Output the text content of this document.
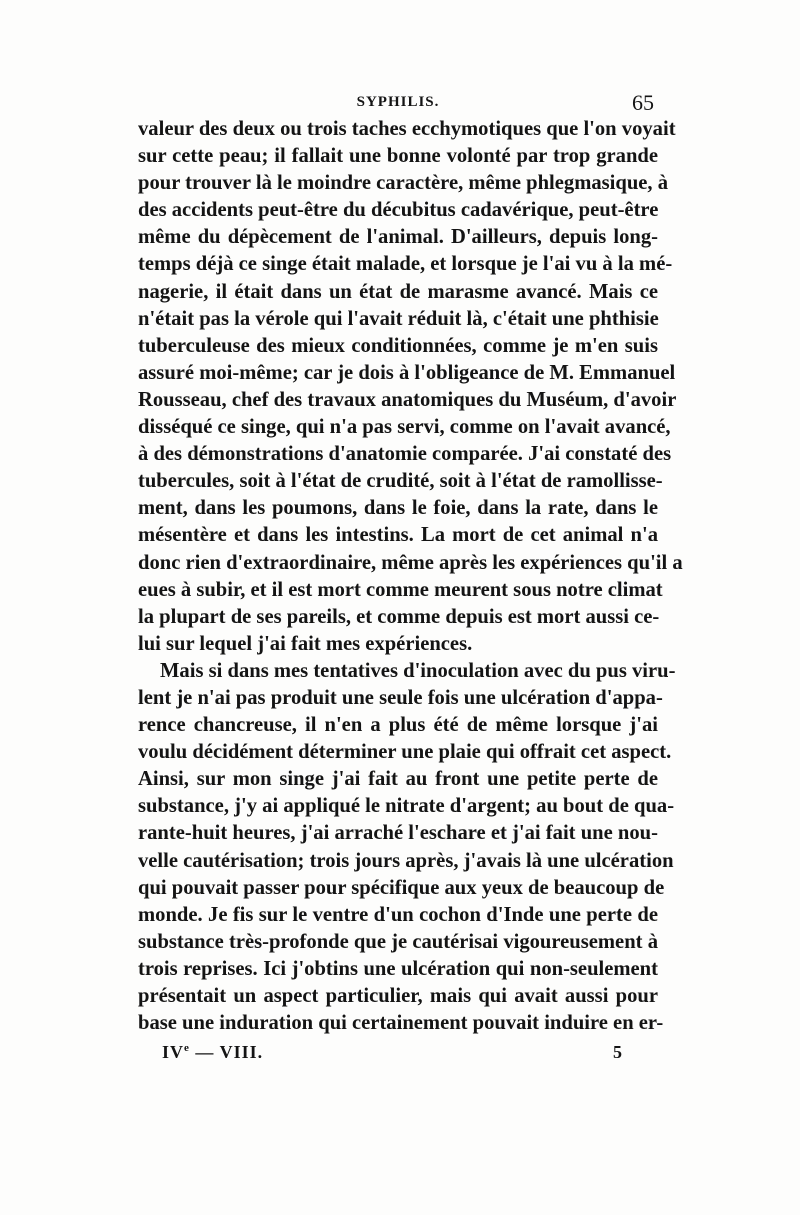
SYPHILIS.	65
valeur des deux ou trois taches ecchymotiques que l'on voyait
sur cette peau; il fallait une bonne volonté par trop grande
pour trouver là le moindre caractère, même phlegmasique, à
des accidents peut-être du décubitus cadavérique, peut-être
même du dépècement de l'animal. D'ailleurs, depuis long-
temps déjà ce singe était malade, et lorsque je l'ai vu à la mé-
nagerie, il était dans un état de marasme avancé. Mais ce
n'était pas la vérole qui l'avait réduit là, c'était une phthisie
tuberculeuse des mieux conditionnées, comme je m'en suis
assuré moi-même; car je dois à l'obligeance de M. Emmanuel
Rousseau, chef des travaux anatomiques du Muséum, d'avoir
disséqué ce singe, qui n'a pas servi, comme on l'avait avancé,
à des démonstrations d'anatomie comparée. J'ai constaté des
tubercules, soit à l'état de crudité, soit à l'état de ramollisse-
ment, dans les poumons, dans le foie, dans la rate, dans le
mésentère et dans les intestins. La mort de cet animal n'a
donc rien d'extraordinaire, même après les expériences qu'il a
eues à subir, et il est mort comme meurent sous notre climat
la plupart de ses pareils, et comme depuis est mort aussi ce-
lui sur lequel j'ai fait mes expériences.
Mais si dans mes tentatives d'inoculation avec du pus viru-
lent je n'ai pas produit une seule fois une ulcération d'appa-
rence chancreuse, il n'en a plus été de même lorsque j'ai
voulu décidément déterminer une plaie qui offrait cet aspect.
Ainsi, sur mon singe j'ai fait au front une petite perte de
substance, j'y ai appliqué le nitrate d'argent; au bout de qua-
rante-huit heures, j'ai arraché l'eschare et j'ai fait une nou-
velle cautérisation; trois jours après, j'avais là une ulcération
qui pouvait passer pour spécifique aux yeux de beaucoup de
monde. Je fis sur le ventre d'un cochon d'Inde une perte de
substance très-profonde que je cautérisai vigoureusement à
trois reprises. Ici j'obtins une ulcération qui non-seulement
présentait un aspect particulier, mais qui avait aussi pour
base une induration qui certainement pouvait induire en er-
IVe — VIII.	5
